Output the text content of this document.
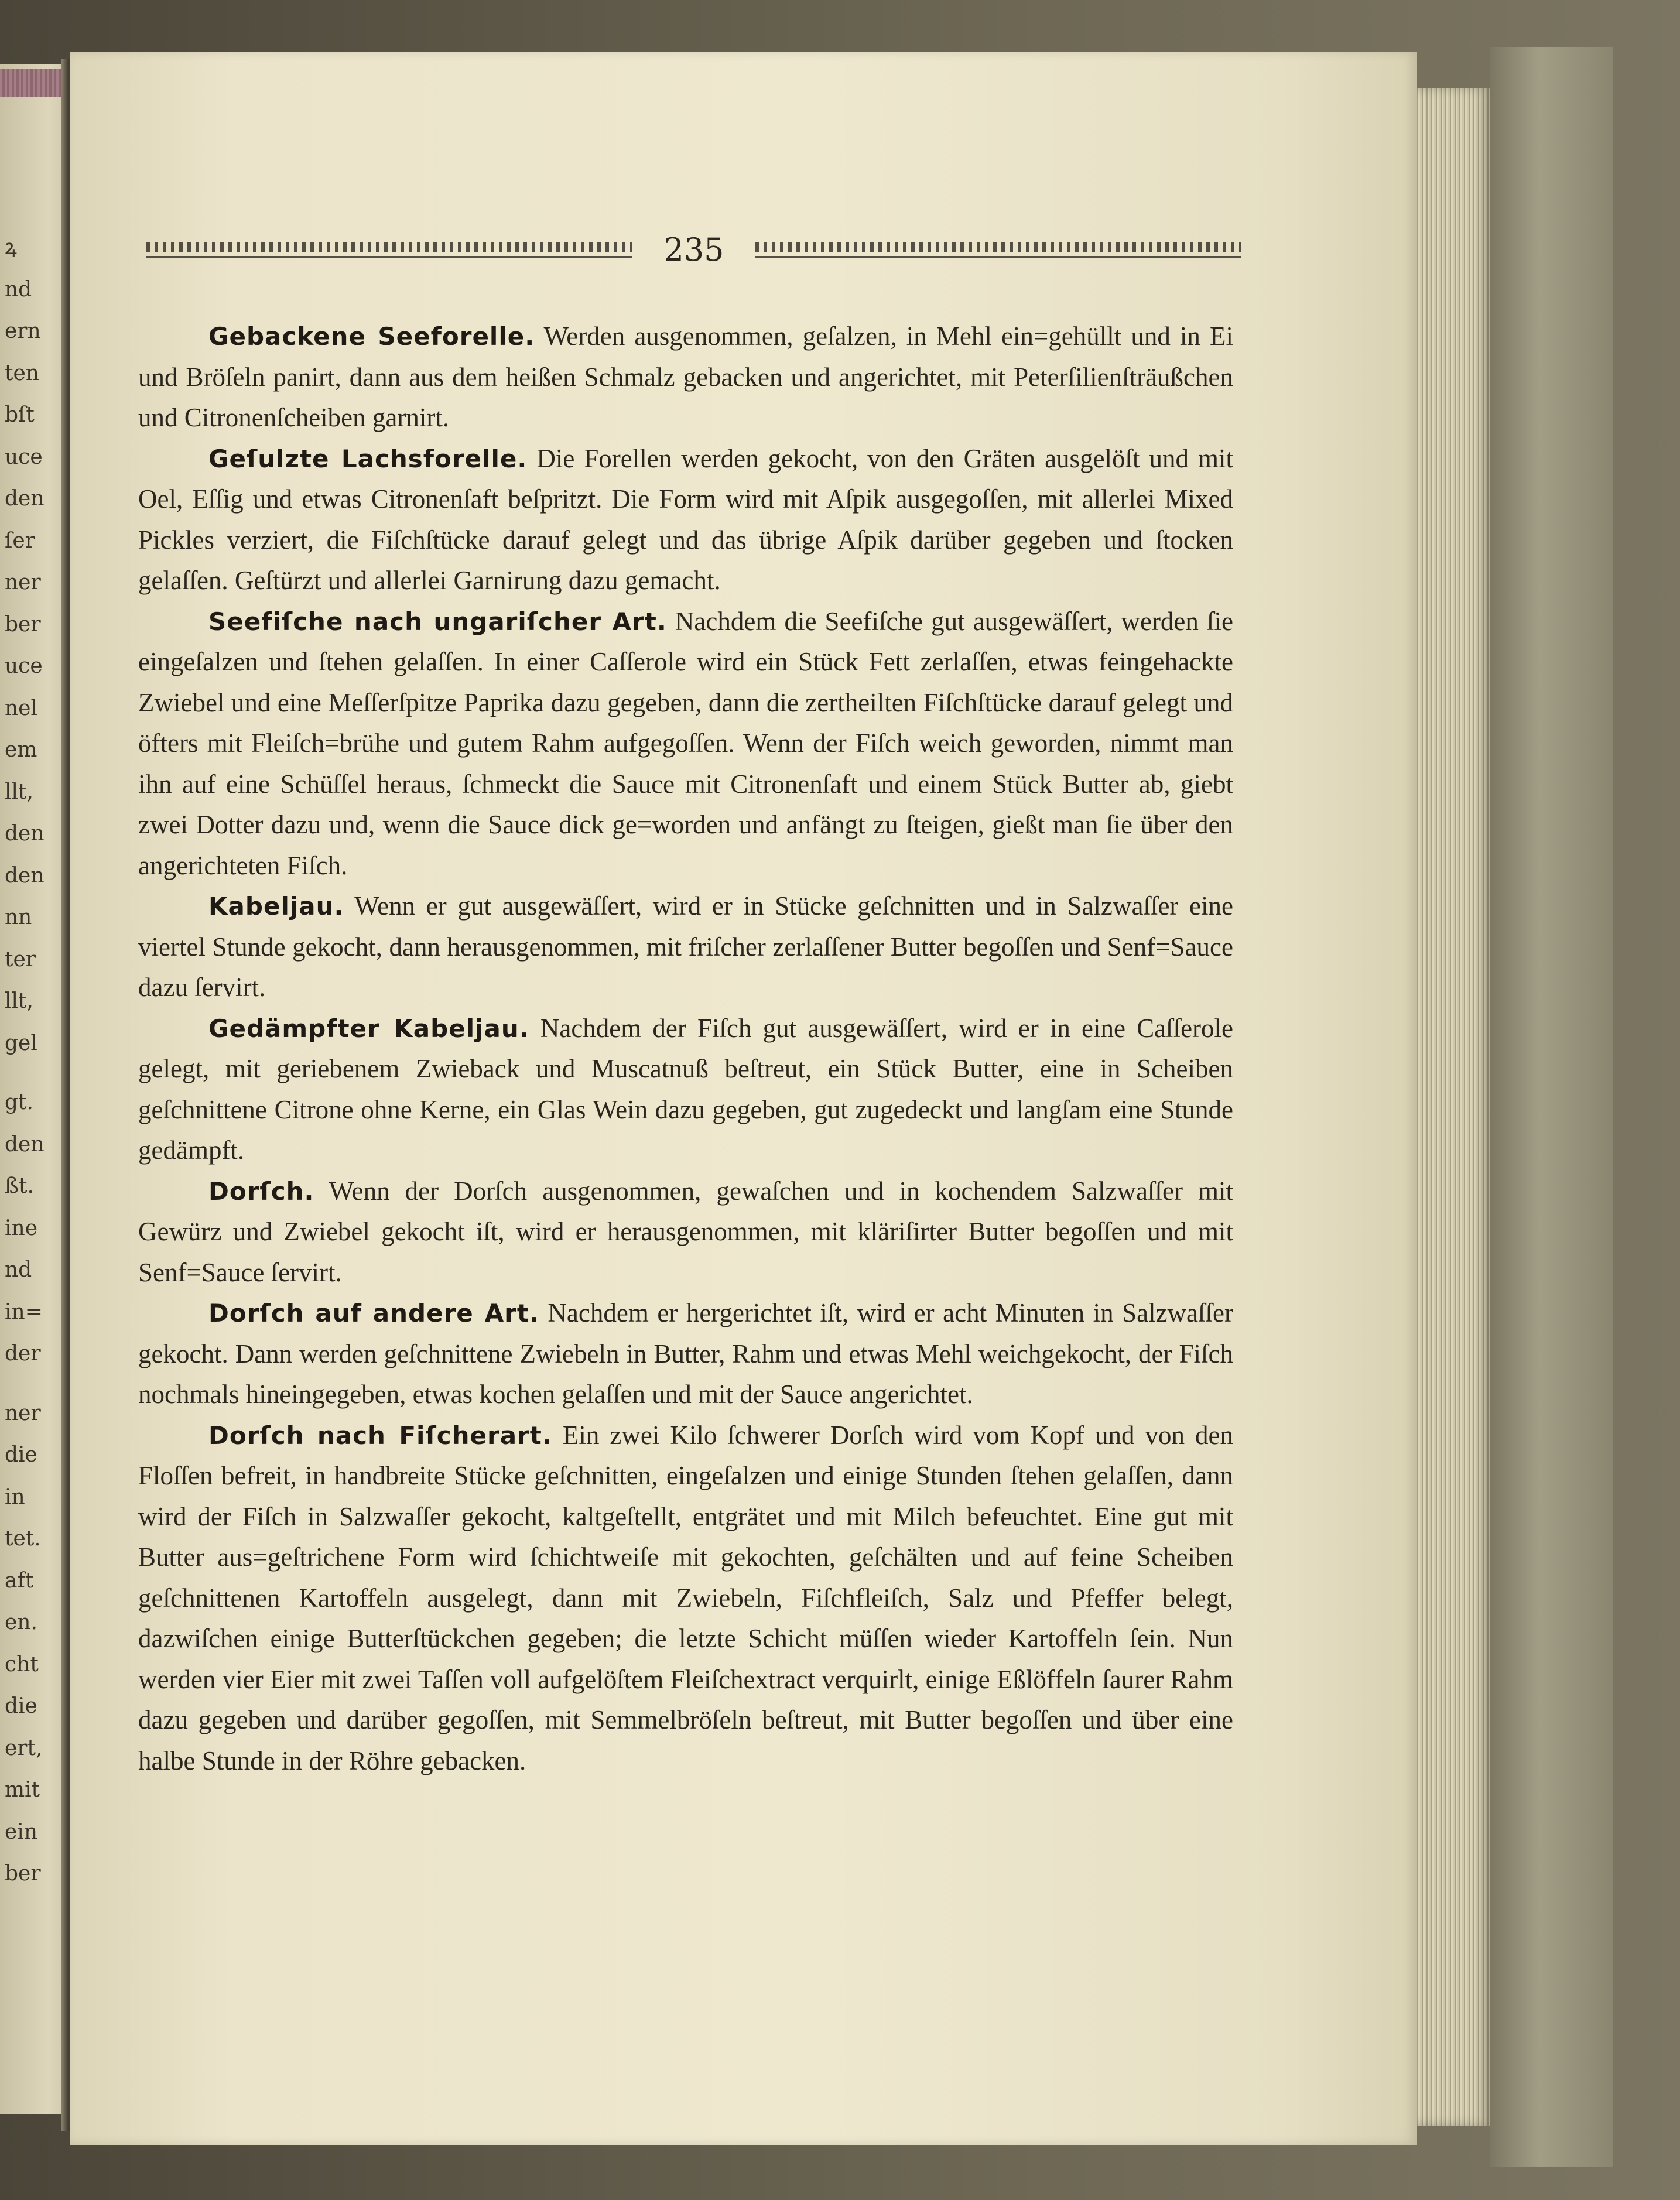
ꝝ
nd
ern
ten
bſt
uce
den
ſer
ner
ber
uce
nel
em
llt,
den
den
nn
ter
llt,
gel
gt.
den
ßt.
ine
nd
in=
der
ner
die
in
tet.
aft
en.
cht
die
ert,
mit
ein
ber
235

Gebackene Seeforelle. Werden ausgenommen, geſalzen, in Mehl ein=gehüllt und in Ei und Bröſeln panirt, dann aus dem heißen Schmalz gebacken und angerichtet, mit Peterſilienſträußchen und Citronenſcheiben garnirt.

Geſulzte Lachsforelle. Die Forellen werden gekocht, von den Gräten ausgelöſt und mit Oel, Eſſig und etwas Citronenſaft beſpritzt. Die Form wird mit Aſpik ausgegoſſen, mit allerlei Mixed Pickles verziert, die Fiſchſtücke darauf gelegt und das übrige Aſpik darüber gegeben und ſtocken gelaſſen. Geſtürzt und allerlei Garnirung dazu gemacht.

Seefiſche nach ungariſcher Art. Nachdem die Seefiſche gut ausgewäſſert, werden ſie eingeſalzen und ſtehen gelaſſen. In einer Caſſerole wird ein Stück Fett zerlaſſen, etwas feingehackte Zwiebel und eine Meſſerſpitze Paprika dazu gegeben, dann die zertheilten Fiſchſtücke darauf gelegt und öfters mit Fleiſch=brühe und gutem Rahm aufgegoſſen. Wenn der Fiſch weich geworden, nimmt man ihn auf eine Schüſſel heraus, ſchmeckt die Sauce mit Citronenſaft und einem Stück Butter ab, giebt zwei Dotter dazu und, wenn die Sauce dick ge=worden und anfängt zu ſteigen, gießt man ſie über den angerichteten Fiſch.

Kabeljau. Wenn er gut ausgewäſſert, wird er in Stücke geſchnitten und in Salzwaſſer eine viertel Stunde gekocht, dann herausgenommen, mit friſcher zerlaſſener Butter begoſſen und Senf=Sauce dazu ſervirt.

Gedämpfter Kabeljau. Nachdem der Fiſch gut ausgewäſſert, wird er in eine Caſſerole gelegt, mit geriebenem Zwieback und Muscatnuß beſtreut, ein Stück Butter, eine in Scheiben geſchnittene Citrone ohne Kerne, ein Glas Wein dazu gegeben, gut zugedeckt und langſam eine Stunde gedämpft.

Dorſch. Wenn der Dorſch ausgenommen, gewaſchen und in kochendem Salzwaſſer mit Gewürz und Zwiebel gekocht iſt, wird er herausgenommen, mit kläriſirter Butter begoſſen und mit Senf=Sauce ſervirt.

Dorſch auf andere Art. Nachdem er hergerichtet iſt, wird er acht Minuten in Salzwaſſer gekocht. Dann werden geſchnittene Zwiebeln in Butter, Rahm und etwas Mehl weichgekocht, der Fiſch nochmals hineingegeben, etwas kochen gelaſſen und mit der Sauce angerichtet.

Dorſch nach Fiſcherart. Ein zwei Kilo ſchwerer Dorſch wird vom Kopf und von den Floſſen befreit, in handbreite Stücke geſchnitten, eingeſalzen und einige Stunden ſtehen gelaſſen, dann wird der Fiſch in Salzwaſſer gekocht, kaltgeſtellt, entgrätet und mit Milch befeuchtet. Eine gut mit Butter aus=geſtrichene Form wird ſchichtweiſe mit gekochten, geſchälten und auf feine Scheiben geſchnittenen Kartoffeln ausgelegt, dann mit Zwiebeln, Fiſchfleiſch, Salz und Pfeffer belegt, dazwiſchen einige Butterſtückchen gegeben; die letzte Schicht müſſen wieder Kartoffeln ſein. Nun werden vier Eier mit zwei Taſſen voll aufgelöſtem Fleiſchextract verquirlt, einige Eßlöffeln ſaurer Rahm dazu gegeben und darüber gegoſſen, mit Semmelbröſeln beſtreut, mit Butter begoſſen und über eine halbe Stunde in der Röhre gebacken.
